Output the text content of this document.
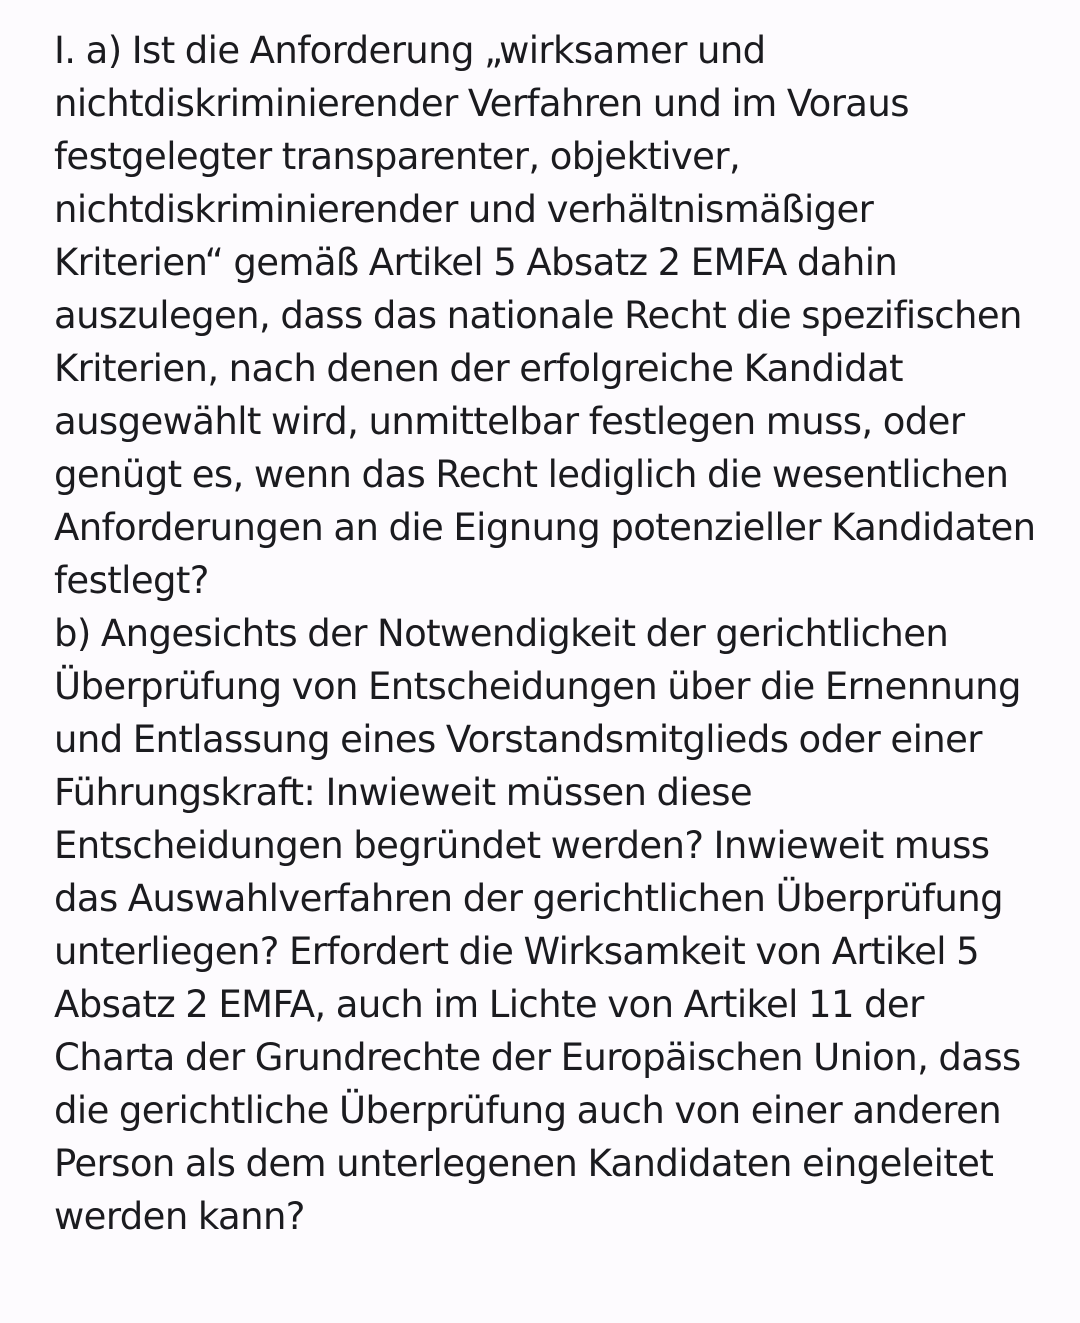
I. a) Ist die Anforderung „wirksamer und nichtdiskriminierender Verfahren und im Voraus festgelegter transparenter, objektiver, nichtdiskriminierender und verhältnismäßiger Kriterien“ gemäß Artikel 5 Absatz 2 EMFA dahin auszulegen, dass das nationale Recht die spezifischen Kriterien, nach denen der erfolgreiche Kandidat ausgewählt wird, unmittelbar festlegen muss, oder genügt es, wenn das Recht lediglich die wesentlichen Anforderungen an die Eignung potenzieller Kandidaten festlegt?

b) Angesichts der Notwendigkeit der gerichtlichen Überprüfung von Entscheidungen über die Ernennung und Entlassung eines Vorstandsmitglieds oder einer Führungskraft: Inwieweit müssen diese Entscheidungen begründet werden? Inwieweit muss das Auswahlverfahren der gerichtlichen Überprüfung unterliegen? Erfordert die Wirksamkeit von Artikel 5 Absatz 2 EMFA, auch im Lichte von Artikel 11 der Charta der Grundrechte der Europäischen Union, dass die gerichtliche Überprüfung auch von einer anderen Person als dem unterlegenen Kandidaten eingeleitet werden kann?
